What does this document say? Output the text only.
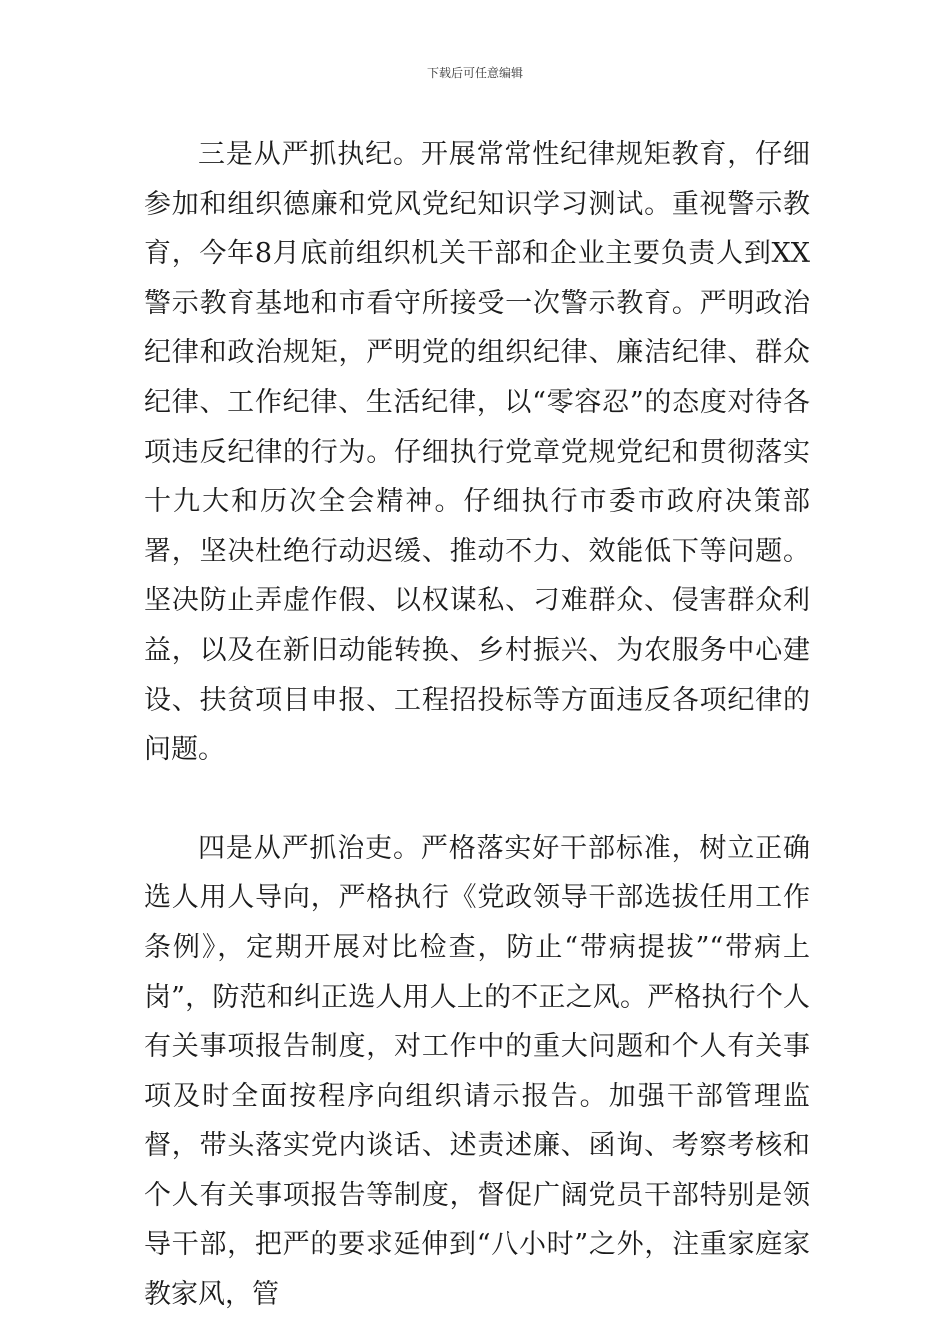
下载后可任意编辑

三是从严抓执纪。开展常常性纪律规矩教育，仔细参加和组织德廉和党风党纪知识学习测试。重视警示教育，今年8月底前组织机关干部和企业主要负责人到XX警示教育基地和市看守所接受一次警示教育。严明政治纪律和政治规矩，严明党的组织纪律、廉洁纪律、群众纪律、工作纪律、生活纪律，以“零容忍”的态度对待各项违反纪律的行为。仔细执行党章党规党纪和贯彻落实十九大和历次全会精神。仔细执行市委市政府决策部署，坚决杜绝行动迟缓、推动不力、效能低下等问题。坚决防止弄虚作假、以权谋私、刁难群众、侵害群众利益，以及在新旧动能转换、乡村振兴、为农服务中心建设、扶贫项目申报、工程招投标等方面违反各项纪律的问题。

四是从严抓治吏。严格落实好干部标准，树立正确选人用人导向，严格执行《党政领导干部选拔任用工作条例》，定期开展对比检查，防止“带病提拔”“带病上岗”，防范和纠正选人用人上的不正之风。严格执行个人有关事项报告制度，对工作中的重大问题和个人有关事项及时全面按程序向组织请示报告。加强干部管理监督，带头落实党内谈话、述责述廉、函询、考察考核和个人有关事项报告等制度，督促广阔党员干部特别是领导干部，把严的要求延伸到“八小时”之外，注重家庭家教家风，管
